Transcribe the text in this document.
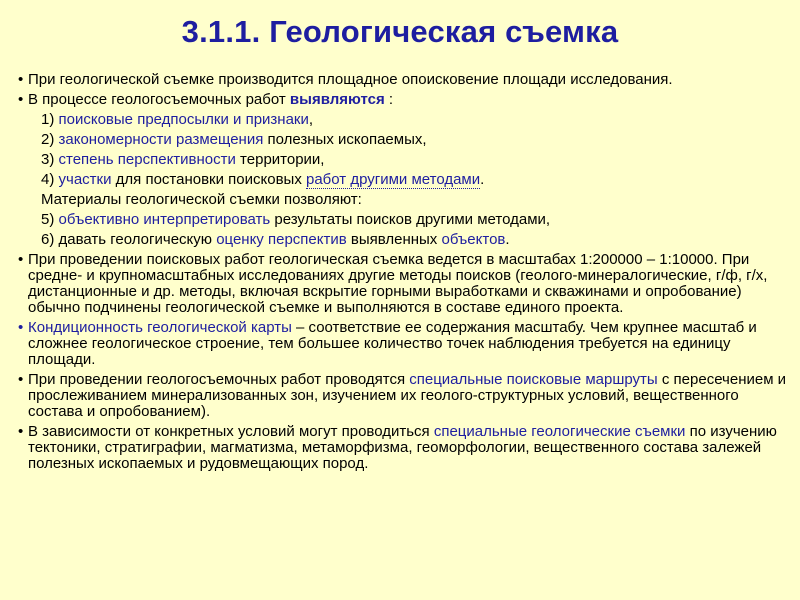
3.1.1. Геологическая съемка
• При геологической съемке производится площадное опоисковение площади исследования.
• В процессе геологосъемочных работ выявляются :
1) поисковые предпосылки и признаки,
2) закономерности размещения полезных ископаемых,
3) степень перспективности территории,
4) участки для постановки поисковых работ другими методами.
Материалы геологической съемки позволяют:
5) объективно интерпретировать результаты поисков другими методами,
6) давать геологическую оценку перспектив выявленных объектов.
• При проведении поисковых работ геологическая съемка ведется в масштабах 1:200000 – 1:10000. При средне- и крупномасштабных исследованиях другие методы поисков (геолого-минералогические, г/ф, г/х, дистанционные и др. методы, включая вскрытие горными выработками и скважинами и опробование) обычно подчинены геологической съемке и выполняются в составе единого проекта.
• Кондиционность геологической карты – соответствие ее содержания масштабу. Чем крупнее масштаб и сложнее геологическое строение, тем большее количество точек наблюдения требуется на единицу площади.
• При проведении геологосъемочных работ проводятся специальные поисковые маршруты с пересечением и прослеживанием минерализованных зон, изучением их геолого-структурных условий, вещественного состава и опробованием).
• В зависимости от конкретных условий могут проводиться специальные геологические съемки по изучению тектоники, стратиграфии, магматизма, метаморфизма, геоморфологии, вещественного состава залежей полезных ископаемых и рудовмещающих пород.
